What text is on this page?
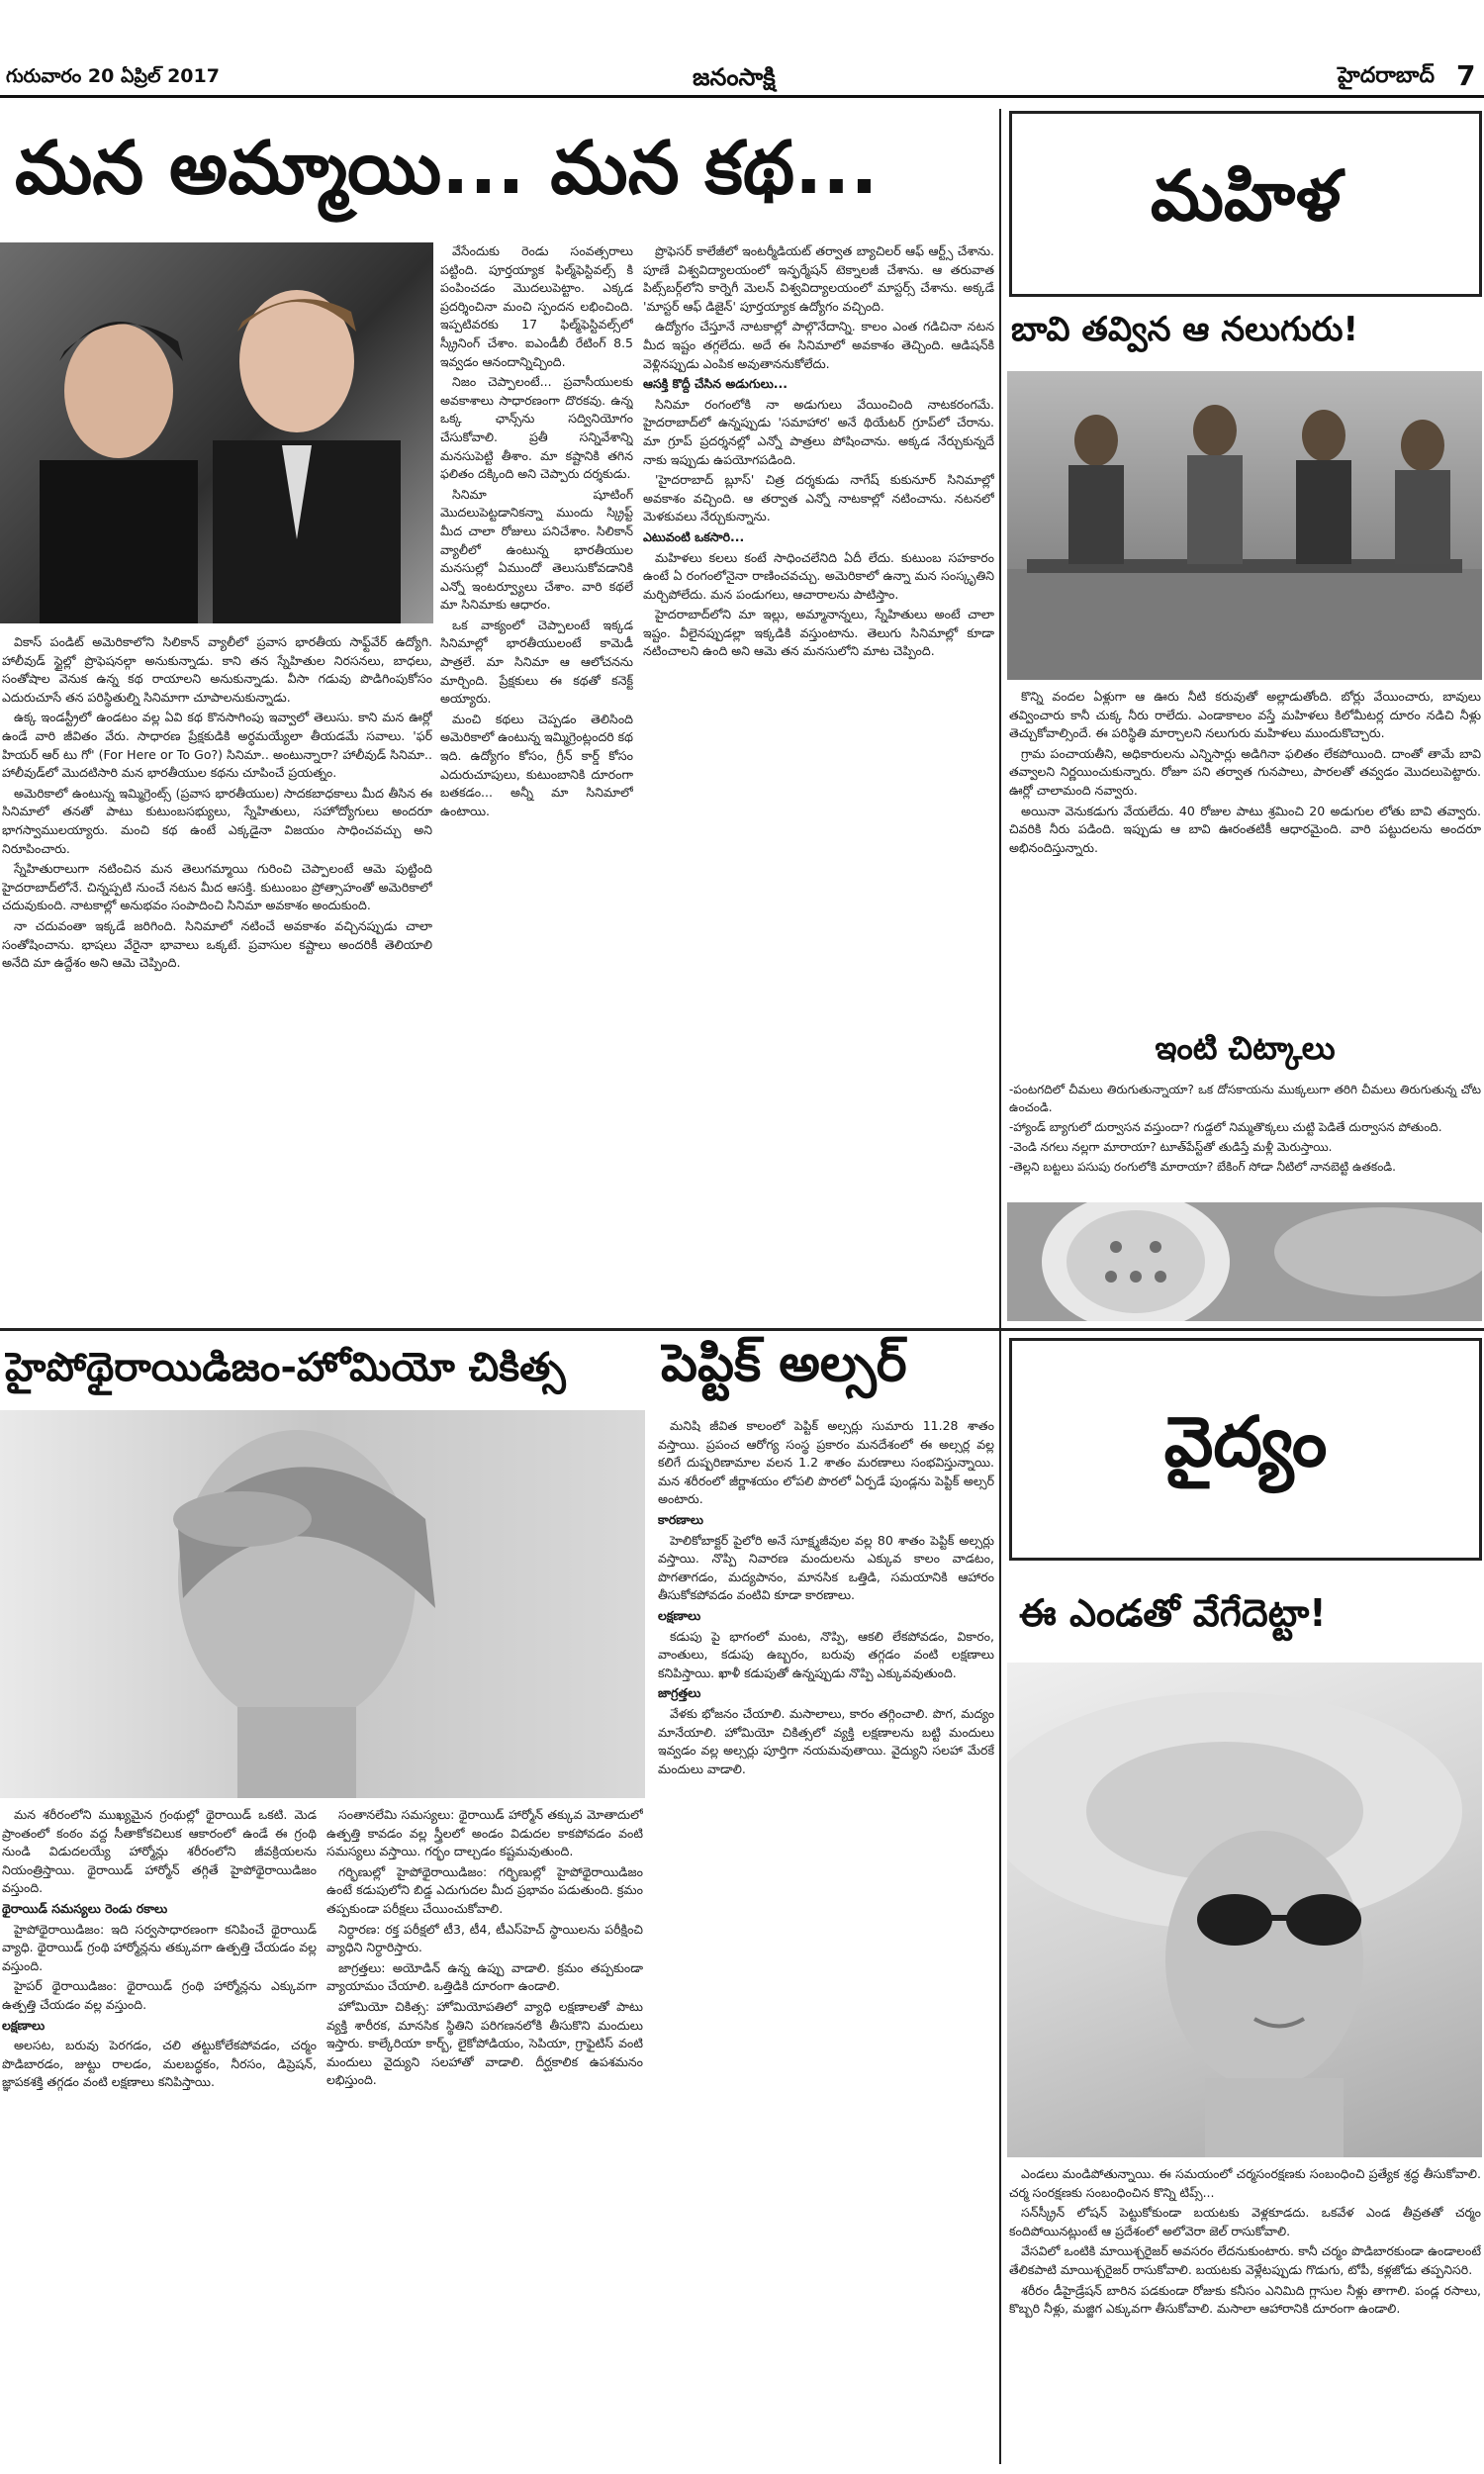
గురువారం 20 ఏప్రిల్ 2017	జనంసాక్షి	హైదరాబాద్ 7
మన అమ్మాయి... మన కథ...

వికాస్ పండిట్ అమెరికాలోని సిలికాన్ వ్యాలీలో ప్రవాస భారతీయ సాఫ్ట్‌వేర్ ఉద్యోగి. హాలీవుడ్ స్టైల్లో ప్రొఫెషనల్గా అనుకున్నాడు. కాని తన స్నేహితుల నిరసనలు, బాధలు, సంతోషాల వెనుక ఉన్న కథ రాయాలని అనుకున్నాడు. వీసా గడువు పొడిగింపుకోసం ఎదురుచూసే తన పరిస్థితుల్ని సినిమాగా చూపాలనుకున్నాడు.

ఉక్క ఇండస్ట్రీలో ఉండటం వల్ల ఏవి కథ కొనసాగింపు ఇవ్వాలో తెలుసు. కాని మన ఊర్లో ఉండే వారి జీవితం వేరు. సాధారణ ప్రేక్షకుడికి అర్ధమయ్యేలా తీయడమే సవాలు. 'ఫర్ హియర్ ఆర్ టు గో' (For Here or To Go?) సినిమా.. అంటున్నారా? హాలీవుడ్ సినిమా.. హాలీవుడ్‌లో మొదటిసారి మన భారతీయుల కథను చూపించే ప్రయత్నం.

అమెరికాలో ఉంటున్న ఇమ్మిగ్రెంట్స్ (ప్రవాస భారతీయుల) సాదకబాధకాలు మీద తీసిన ఈ సినిమాలో తనతో పాటు కుటుంబసభ్యులు, స్నేహితులు, సహోద్యోగులు అందరూ భాగస్వాములయ్యారు. మంచి కథ ఉంటే ఎక్కడైనా విజయం సాధించవచ్చు అని నిరూపించారు.

స్నేహితురాలుగా నటించిన మన తెలుగమ్మాయి గురించి చెప్పాలంటే ఆమె పుట్టింది హైదరాబాద్‌లోనే. చిన్నప్పటి నుంచే నటన మీద ఆసక్తి. కుటుంబం ప్రోత్సాహంతో అమెరికాలో చదువుకుంది. నాటకాల్లో అనుభవం సంపాదించి సినిమా అవకాశం అందుకుంది.

నా చదువంతా ఇక్కడే జరిగింది. సినిమాలో నటించే అవకాశం వచ్చినప్పుడు చాలా సంతోషించాను. భాషలు వేరైనా భావాలు ఒక్కటే. ప్రవాసుల కష్టాలు అందరికీ తెలియాలి అనేది మా ఉద్దేశం అని ఆమె చెప్పింది.

వేసేందుకు రెండు సంవత్సరాలు పట్టింది. పూర్తయ్యాక ఫిల్మ్‌ఫెస్టివల్స్ కి పంపించడం మొదలుపెట్టాం. ఎక్కడ ప్రదర్శించినా మంచి స్పందన లభించింది. ఇప్పటివరకు 17 ఫిల్మ్‌ఫెస్టివల్స్‌లో స్క్రీనింగ్ చేశాం. ఐఎండీబీ రేటింగ్ 8.5 ఇవ్వడం ఆనందాన్నిచ్చింది.

నిజం చెప్పాలంటే... ప్రవాసీయులకు అవకాశాలు సాధారణంగా దొరకవు. ఉన్న ఒక్క ఛాన్స్‌ను సద్వినియోగం చేసుకోవాలి. ప్రతీ సన్నివేశాన్ని మనసుపెట్టి తీశాం. మా కష్టానికి తగిన ఫలితం దక్కింది అని చెప్పారు దర్శకుడు.

సినిమా షూటింగ్ మొదలుపెట్టడానికన్నా ముందు స్క్రిప్ట్ మీద చాలా రోజులు పనిచేశాం. సిలికాన్ వ్యాలీలో ఉంటున్న భారతీయుల మనసుల్లో ఏముందో తెలుసుకోవడానికి ఎన్నో ఇంటర్వ్యూలు చేశాం. వారి కథలే మా సినిమాకు ఆధారం.

ఒక వాక్యంలో చెప్పాలంటే ఇక్కడ సినిమాల్లో భారతీయులంటే కామెడీ పాత్రలే. మా సినిమా ఆ ఆలోచనను మార్చింది. ప్రేక్షకులు ఈ కథతో కనెక్ట్ అయ్యారు.

మంచి కథలు చెప్పడం తెలిసింది అమెరికాలో ఉంటున్న ఇమ్మిగ్రెంట్లందరి కథ ఇది. ఉద్యోగం కోసం, గ్రీన్ కార్డ్ కోసం ఎదురుచూపులు, కుటుంబానికి దూరంగా బతకడం... అన్నీ మా సినిమాలో ఉంటాయి.

ప్రొఫెసర్ కాలేజీలో ఇంటర్మీడియట్ తర్వాత బ్యాచిలర్ ఆఫ్ ఆర్ట్స్ చేశాను. పూణే విశ్వవిద్యాలయంలో ఇన్ఫర్మేషన్ టెక్నాలజీ చేశాను. ఆ తరువాత పిట్స్‌బర్గ్‌లోని కార్నెగీ మెలన్ విశ్వవిద్యాలయంలో మాస్టర్స్ చేశాను. అక్కడే 'మాస్టర్ ఆఫ్ డిజైన్' పూర్తయ్యాక ఉద్యోగం వచ్చింది.

ఉద్యోగం చేస్తూనే నాటకాల్లో పాల్గొనేదాన్ని. కాలం ఎంత గడిచినా నటన మీద ఇష్టం తగ్గలేదు. అదే ఈ సినిమాలో అవకాశం తెచ్చింది. ఆడిషన్‌కి వెళ్లినప్పుడు ఎంపిక అవుతాననుకోలేదు.

ఆసక్తి కొద్దీ చేసిన అడుగులు...

సినిమా రంగంలోకి నా అడుగులు వేయించింది నాటకరంగమే. హైదరాబాద్‌లో ఉన్నప్పుడు 'సమాహార' అనే థియేటర్ గ్రూప్‌లో చేరాను. మా గ్రూప్ ప్రదర్శనల్లో ఎన్నో పాత్రలు పోషించాను. అక్కడ నేర్చుకున్నదే నాకు ఇప్పుడు ఉపయోగపడింది.

'హైదరాబాద్ బ్లూస్' చిత్ర దర్శకుడు నాగేష్ కుకునూర్ సినిమాల్లో అవకాశం వచ్చింది. ఆ తర్వాత ఎన్నో నాటకాల్లో నటించాను. నటనలో మెళకువలు నేర్చుకున్నాను.

ఎటువంటి ఒకసారి...

మహిళలు కలలు కంటే సాధించలేనిది ఏదీ లేదు. కుటుంబ సహకారం ఉంటే ఏ రంగంలోనైనా రాణించవచ్చు. అమెరికాలో ఉన్నా మన సంస్కృతిని మర్చిపోలేదు. మన పండుగలు, ఆచారాలను పాటిస్తాం.

హైదరాబాద్‌లోని మా ఇల్లు, అమ్మానాన్నలు, స్నేహితులు అంటే చాలా ఇష్టం. వీలైనప్పుడల్లా ఇక్కడికి వస్తుంటాను. తెలుగు సినిమాల్లో కూడా నటించాలని ఉంది అని ఆమె తన మనసులోని మాట చెప్పింది.

మహిళ
బావి తవ్విన ఆ నలుగురు!

కొన్ని వందల ఏళ్లుగా ఆ ఊరు నీటి కరువుతో అల్లాడుతోంది. బోర్లు వేయించారు, బావులు తవ్వించారు కానీ చుక్క నీరు రాలేదు. ఎండాకాలం వస్తే మహిళలు కిలోమీటర్ల దూరం నడిచి నీళ్లు తెచ్చుకోవాల్సిందే. ఈ పరిస్థితి మార్చాలని నలుగురు మహిళలు ముందుకొచ్చారు.

గ్రామ పంచాయతీని, అధికారులను ఎన్నిసార్లు అడిగినా ఫలితం లేకపోయింది. దాంతో తామే బావి తవ్వాలని నిర్ణయించుకున్నారు. రోజూ పని తర్వాత గునపాలు, పారలతో తవ్వడం మొదలుపెట్టారు. ఊర్లో చాలామంది నవ్వారు.

అయినా వెనుకడుగు వేయలేదు. 40 రోజుల పాటు శ్రమించి 20 అడుగుల లోతు బావి తవ్వారు. చివరికి నీరు పడింది. ఇప్పుడు ఆ బావి ఊరంతటికీ ఆధారమైంది. వారి పట్టుదలను అందరూ అభినందిస్తున్నారు.

ఇంటి చిట్కాలు

-పంటగదిలో చీమలు తిరుగుతున్నాయా? ఒక దోసకాయను ముక్కలుగా తరిగి చీమలు తిరుగుతున్న చోట ఉంచండి.

-హ్యాండ్ బ్యాగులో దుర్వాసన వస్తుందా? గుడ్డలో నిమ్మతొక్కలు చుట్టి పెడితే దుర్వాసన పోతుంది.

-వెండి నగలు నల్లగా మారాయా? టూత్‌పేస్ట్‌తో తుడిస్తే మళ్లీ మెరుస్తాయి.

-తెల్లని బట్టలు పసుపు రంగులోకి మారాయా? బేకింగ్ సోడా నీటిలో నానబెట్టి ఉతకండి.

హైపోథైరాయిడిజం-హోమియో చికిత్స

మన శరీరంలోని ముఖ్యమైన గ్రంథుల్లో థైరాయిడ్ ఒకటి. మెడ ప్రాంతంలో కంఠం వద్ద సీతాకోకచిలుక ఆకారంలో ఉండే ఈ గ్రంథి నుండి విడుదలయ్యే హార్మోన్లు శరీరంలోని జీవక్రియలను నియంత్రిస్తాయి. థైరాయిడ్ హార్మోన్ తగ్గితే హైపోథైరాయిడిజం వస్తుంది.

థైరాయిడ్ సమస్యలు రెండు రకాలు

హైపోథైరాయిడిజం: ఇది సర్వసాధారణంగా కనిపించే థైరాయిడ్ వ్యాధి. థైరాయిడ్ గ్రంథి హార్మోన్లను తక్కువగా ఉత్పత్తి చేయడం వల్ల వస్తుంది.

హైపర్ థైరాయిడిజం: థైరాయిడ్ గ్రంథి హార్మోన్లను ఎక్కువగా ఉత్పత్తి చేయడం వల్ల వస్తుంది.

లక్షణాలు

అలసట, బరువు పెరగడం, చలి తట్టుకోలేకపోవడం, చర్మం పొడిబారడం, జుట్టు రాలడం, మలబద్ధకం, నీరసం, డిప్రెషన్, జ్ఞాపకశక్తి తగ్గడం వంటి లక్షణాలు కనిపిస్తాయి.

సంతానలేమి సమస్యలు: థైరాయిడ్ హార్మోన్ తక్కువ మోతాదులో ఉత్పత్తి కావడం వల్ల స్త్రీలలో అండం విడుదల కాకపోవడం వంటి సమస్యలు వస్తాయి. గర్భం దాల్చడం కష్టమవుతుంది.

గర్భిణుల్లో హైపోథైరాయిడిజం: గర్భిణుల్లో హైపోథైరాయిడిజం ఉంటే కడుపులోని బిడ్డ ఎదుగుదల మీద ప్రభావం పడుతుంది. క్రమం తప్పకుండా పరీక్షలు చేయించుకోవాలి.

నిర్ధారణ: రక్త పరీక్షలో టీ3, టీ4, టీఎస్‌హెచ్ స్థాయిలను పరీక్షించి వ్యాధిని నిర్ధారిస్తారు.

జాగ్రత్తలు: అయోడిన్ ఉన్న ఉప్పు వాడాలి. క్రమం తప్పకుండా వ్యాయామం చేయాలి. ఒత్తిడికి దూరంగా ఉండాలి.

హోమియో చికిత్స: హోమియోపతిలో వ్యాధి లక్షణాలతో పాటు వ్యక్తి శారీరక, మానసిక స్థితిని పరిగణనలోకి తీసుకొని మందులు ఇస్తారు. కాల్కేరియా కార్బ్, లైకోపోడియం, సెపియా, గ్రాఫైటిస్ వంటి మందులు వైద్యుని సలహాతో వాడాలి. దీర్ఘకాలిక ఉపశమనం లభిస్తుంది.

పెప్టిక్ అల్సర్

మనిషి జీవిత కాలంలో పెప్టిక్ అల్సర్లు సుమారు 11.28 శాతం వస్తాయి. ప్రపంచ ఆరోగ్య సంస్థ ప్రకారం మనదేశంలో ఈ అల్సర్ల వల్ల కలిగే దుష్పరిణామాల వలన 1.2 శాతం మరణాలు సంభవిస్తున్నాయి. మన శరీరంలో జీర్ణాశయం లోపలి పొరలో ఏర్పడే పుండ్లను పెప్టిక్ అల్సర్ అంటారు.

కారణాలు

హెలికోబాక్టర్ పైలోరి అనే సూక్ష్మజీవుల వల్ల 80 శాతం పెప్టిక్ అల్సర్లు వస్తాయి. నొప్పి నివారణ మందులను ఎక్కువ కాలం వాడటం, పొగతాగడం, మద్యపానం, మానసిక ఒత్తిడి, సమయానికి ఆహారం తీసుకోకపోవడం వంటివి కూడా కారణాలు.

లక్షణాలు

కడుపు పై భాగంలో మంట, నొప్పి, ఆకలి లేకపోవడం, వికారం, వాంతులు, కడుపు ఉబ్బరం, బరువు తగ్గడం వంటి లక్షణాలు కనిపిస్తాయి. ఖాళీ కడుపుతో ఉన్నప్పుడు నొప్పి ఎక్కువవుతుంది.

జాగ్రత్తలు

వేళకు భోజనం చేయాలి. మసాలాలు, కారం తగ్గించాలి. పొగ, మద్యం మానేయాలి. హోమియో చికిత్సలో వ్యక్తి లక్షణాలను బట్టి మందులు ఇవ్వడం వల్ల అల్సర్లు పూర్తిగా నయమవుతాయి. వైద్యుని సలహా మేరకే మందులు వాడాలి.

వైద్యం
ఈ ఎండతో వేగేదెట్టా!

ఎండలు మండిపోతున్నాయి. ఈ సమయంలో చర్మసంరక్షణకు సంబంధించి ప్రత్యేక శ్రద్ధ తీసుకోవాలి. చర్మ సంరక్షణకు సంబంధించిన కొన్ని టిప్స్...

సన్‌స్క్రీన్ లోషన్ పెట్టుకోకుండా బయటకు వెళ్లకూడదు. ఒకవేళ ఎండ తీవ్రతతో చర్మం కందిపోయినట్లుంటే ఆ ప్రదేశంలో అలోవెరా జెల్ రాసుకోవాలి.

వేసవిలో ఒంటికి మాయిశ్చరైజర్ అవసరం లేదనుకుంటారు. కానీ చర్మం పొడిబారకుండా ఉండాలంటే తేలికపాటి మాయిశ్చరైజర్ రాసుకోవాలి. బయటకు వెళ్లేటప్పుడు గొడుగు, టోపీ, కళ్లజోడు తప్పనిసరి.

శరీరం డీహైడ్రేషన్ బారిన పడకుండా రోజుకు కనీసం ఎనిమిది గ్లాసుల నీళ్లు తాగాలి. పండ్ల రసాలు, కొబ్బరి నీళ్లు, మజ్జిగ ఎక్కువగా తీసుకోవాలి. మసాలా ఆహారానికి దూరంగా ఉండాలి.
